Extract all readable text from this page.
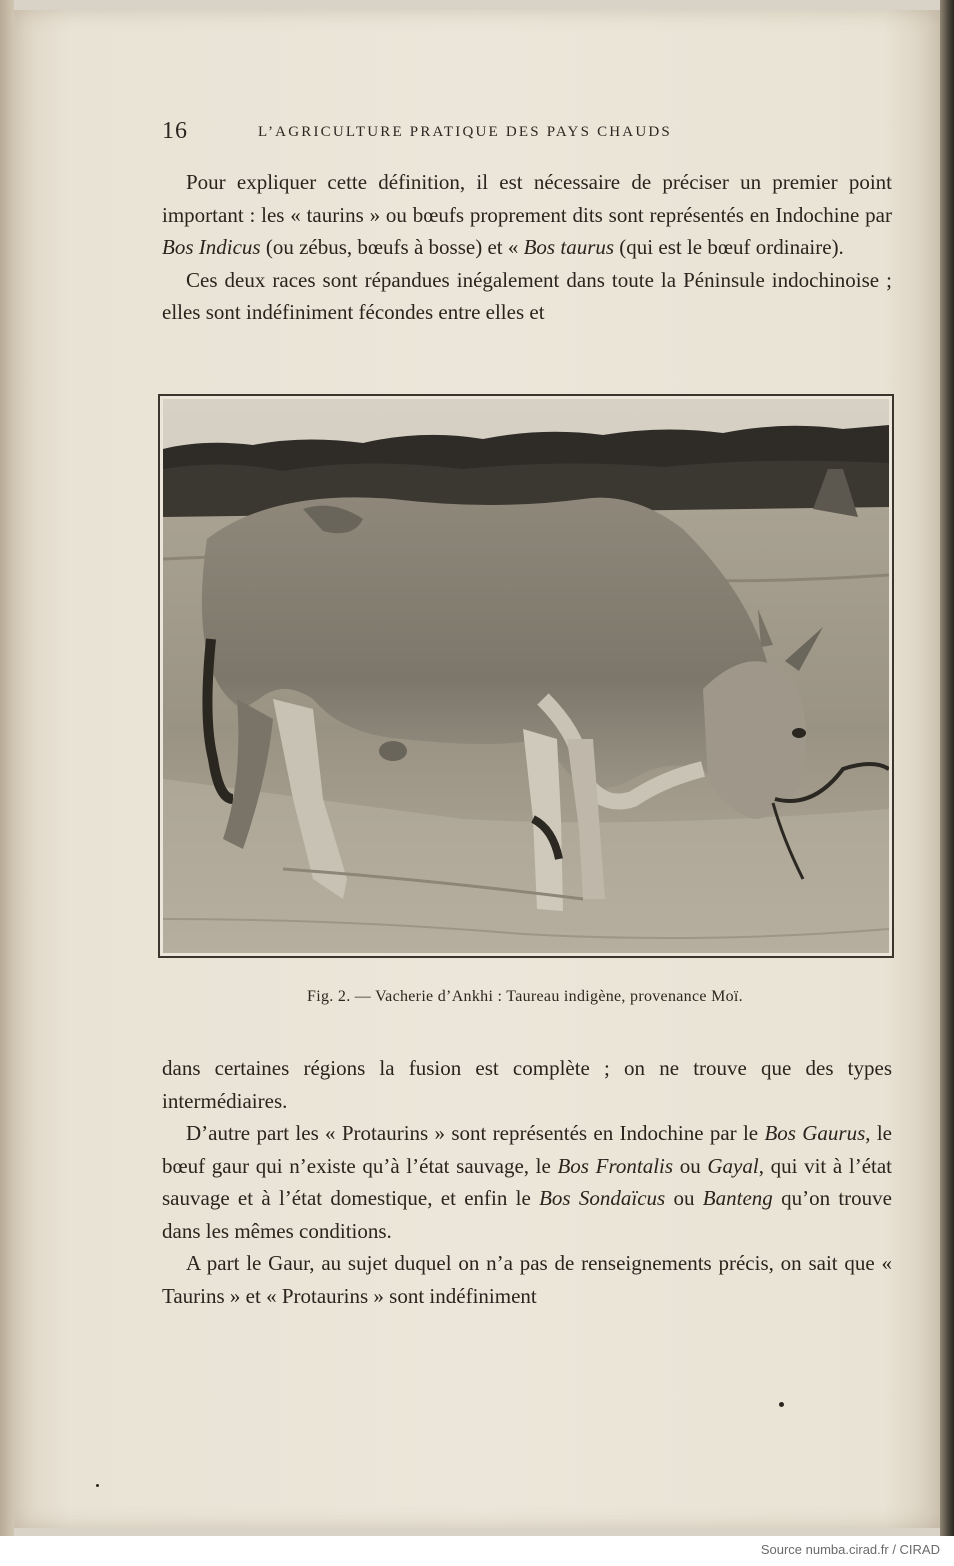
16	L’AGRICULTURE PRATIQUE DES PAYS CHAUDS

Pour expliquer cette définition, il est nécessaire de préciser un premier point important : les « taurins » ou bœufs proprement dits sont représentés en Indochine par Bos Indicus (ou zébus, bœufs à bosse) et « Bos taurus (qui est le bœuf ordinaire).

Ces deux races sont répandues inégalement dans toute la Péninsule indochinoise ; elles sont indéfiniment fécondes entre elles et

Fig. 2. — Vacherie d’Ankhi : Taureau indigène, provenance Moï.

dans certaines régions la fusion est complète ; on ne trouve que des types intermédiaires.

D’autre part les « Protaurins » sont représentés en Indochine par le Bos Gaurus, le bœuf gaur qui n’existe qu’à l’état sauvage, le Bos Frontalis ou Gayal, qui vit à l’état sauvage et à l’état domestique, et enfin le Bos Sondaïcus ou Banteng qu’on trouve dans les mêmes conditions.

A part le Gaur, au sujet duquel on n’a pas de renseignements précis, on sait que « Taurins » et « Protaurins » sont indéfiniment

Source numba.cirad.fr / CIRAD
